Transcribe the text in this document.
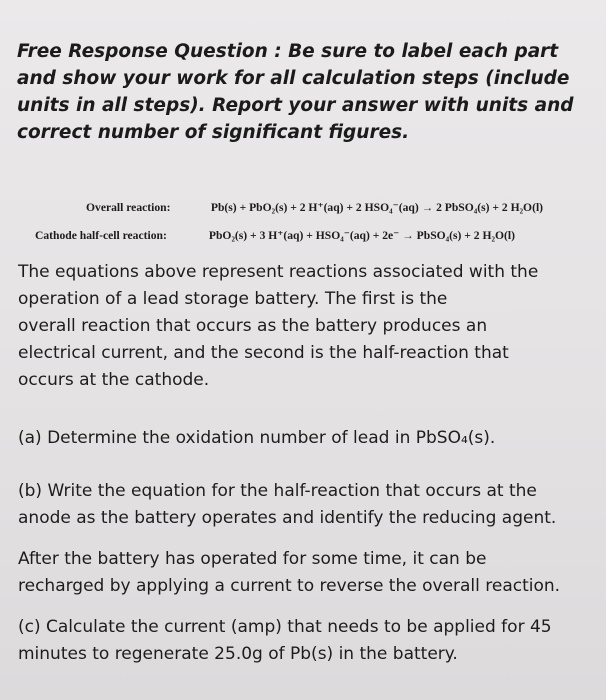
Free Response Question : Be sure to label each part and show your work for all calculation steps (include units in all steps). Report your answer with units and correct number of significant figures.

Overall reaction:	Pb(s) + PbO₂(s) + 2 H⁺(aq) + 2 HSO₄⁻(aq) → 2 PbSO₄(s) + 2 H₂O(l)
Cathode half-cell reaction:	PbO₂(s) + 3 H⁺(aq) + HSO₄⁻(aq) + 2e⁻ → PbSO₄(s) + 2 H₂O(l)

The equations above represent reactions associated with the
operation of a lead storage battery. The first is the
overall reaction that occurs as the battery produces an
electrical current, and the second is the half-reaction that
occurs at the cathode.

(a) Determine the oxidation number of lead in PbSO₄(s).

(b) Write the equation for the half-reaction that occurs at the
anode as the battery operates and identify the reducing agent.

After the battery has operated for some time, it can be
recharged by applying a current to reverse the overall reaction.

(c) Calculate the current (amp) that needs to be applied for 45
minutes to regenerate 25.0g of Pb(s) in the battery.
